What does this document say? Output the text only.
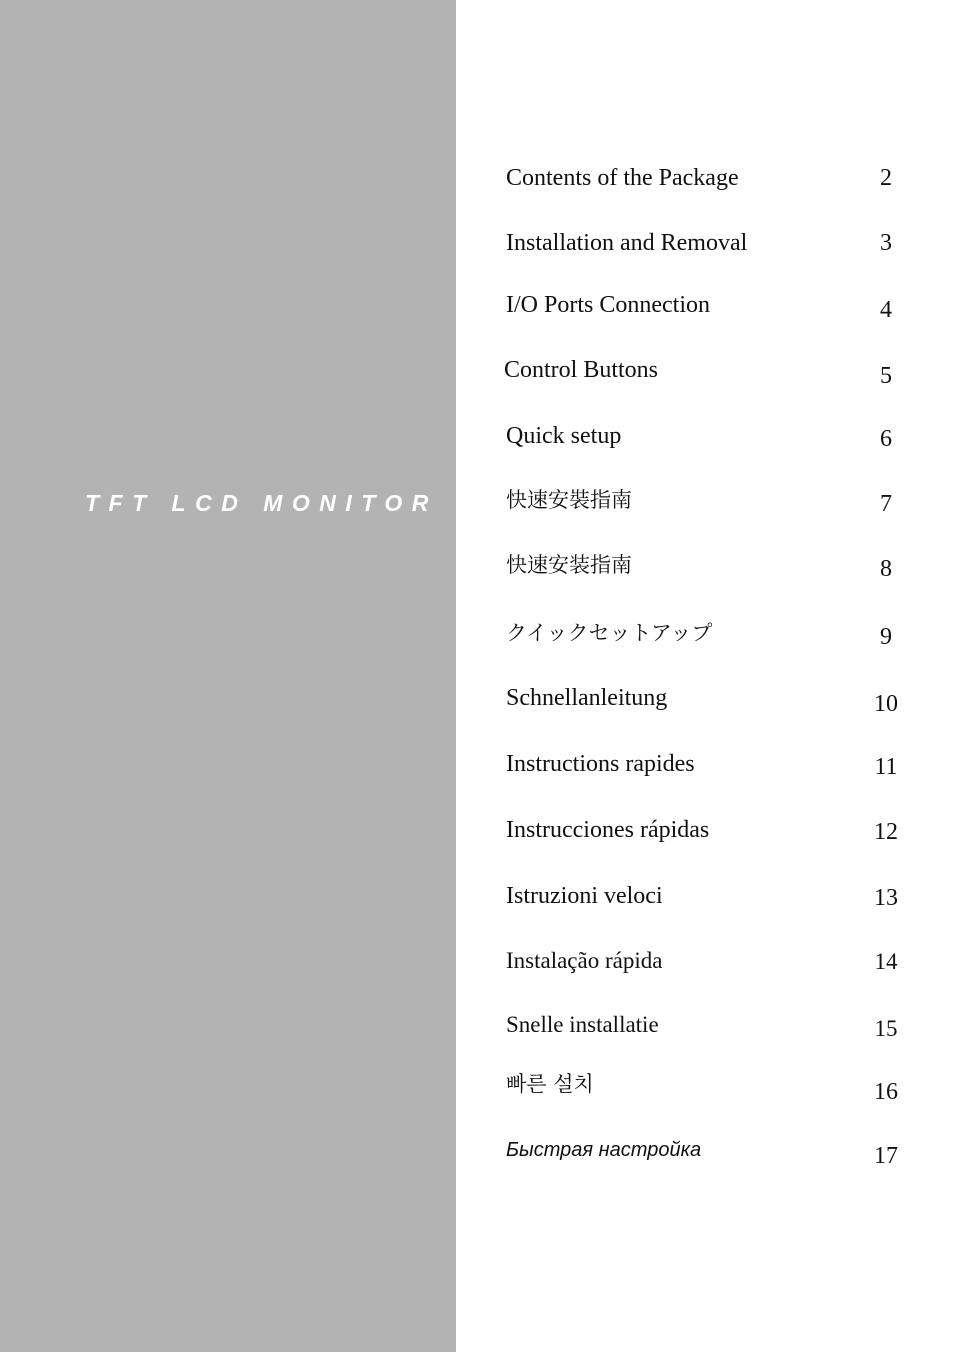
TFT LCD MONITOR
Contents of the Package	2
Installation and Removal	3
I/O Ports Connection	4
Control Buttons	5
Quick setup	6
快速安裝指南	7
快速安装指南	8
クイックセットアップ	9
Schnellanleitung	10
Instructions rapides	11
Instrucciones rápidas	12
Istruzioni veloci	13
Instalação rápida	14
Snelle installatie	15
빠른 설치	16
Быстрая настройка	17
